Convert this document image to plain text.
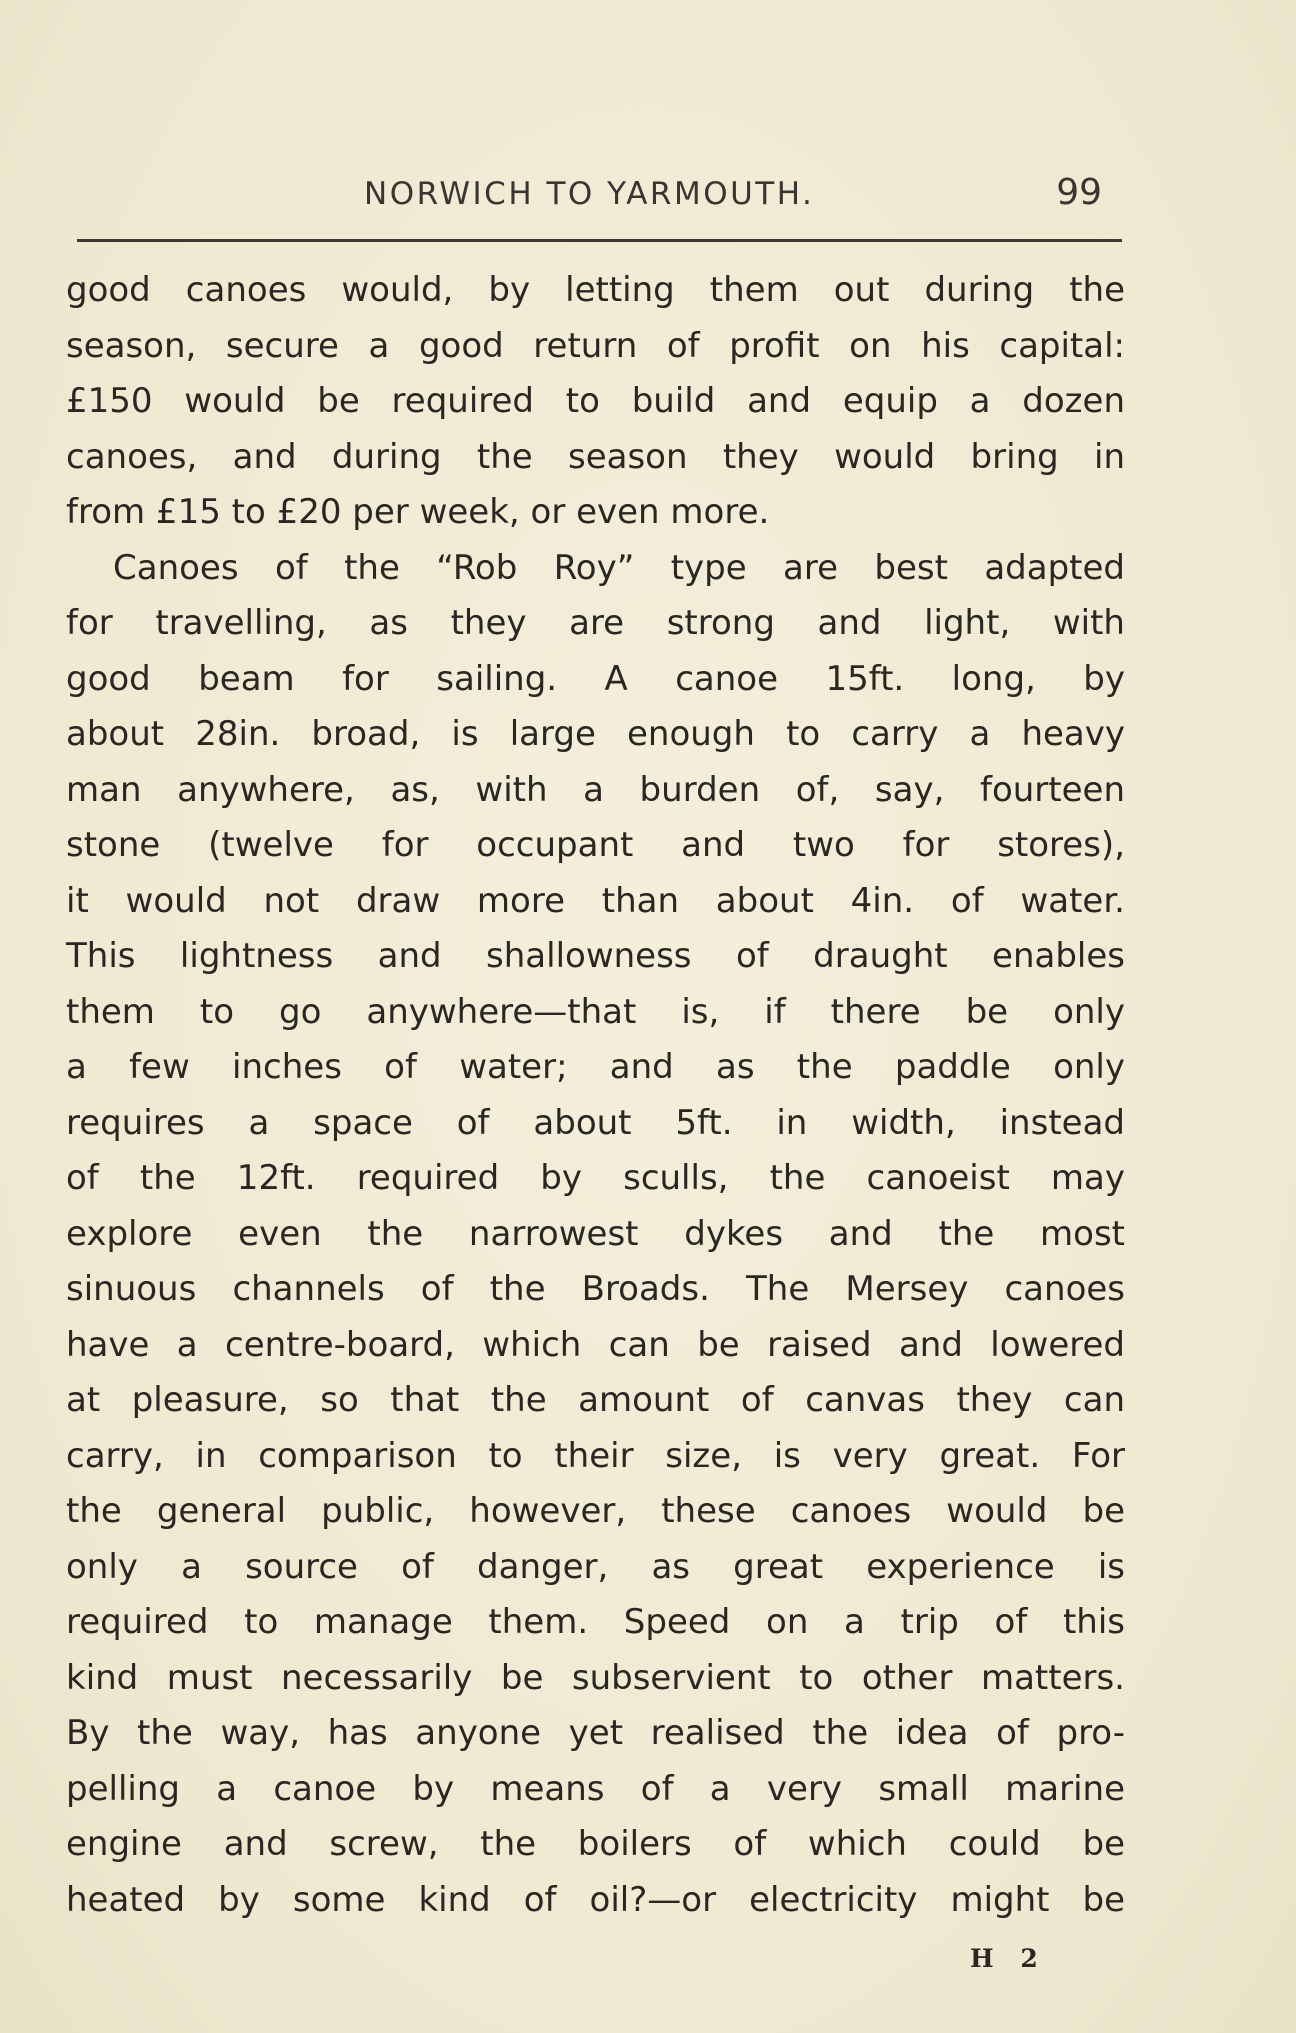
NORWICH TO YARMOUTH.	99
good canoes would, by letting them out during the
season, secure a good return of profit on his capital:
£150 would be required to build and equip a dozen
canoes, and during the season they would bring in
from £15 to £20 per week, or even more.
Canoes of the “Rob Roy” type are best adapted
for travelling, as they are strong and light, with
good beam for sailing. A canoe 15ft. long, by
about 28in. broad, is large enough to carry a heavy
man anywhere, as, with a burden of, say, fourteen
stone (twelve for occupant and two for stores),
it would not draw more than about 4in. of water.
This lightness and shallowness of draught enables
them to go anywhere—that is, if there be only
a few inches of water; and as the paddle only
requires a space of about 5ft. in width, instead
of the 12ft. required by sculls, the canoeist may
explore even the narrowest dykes and the most
sinuous channels of the Broads. The Mersey canoes
have a centre-board, which can be raised and lowered
at pleasure, so that the amount of canvas they can
carry, in comparison to their size, is very great. For
the general public, however, these canoes would be
only a source of danger, as great experience is
required to manage them. Speed on a trip of this
kind must necessarily be subservient to other matters.
By the way, has anyone yet realised the idea of pro-
pelling a canoe by means of a very small marine
engine and screw, the boilers of which could be
heated by some kind of oil?—or electricity might be
H 2
